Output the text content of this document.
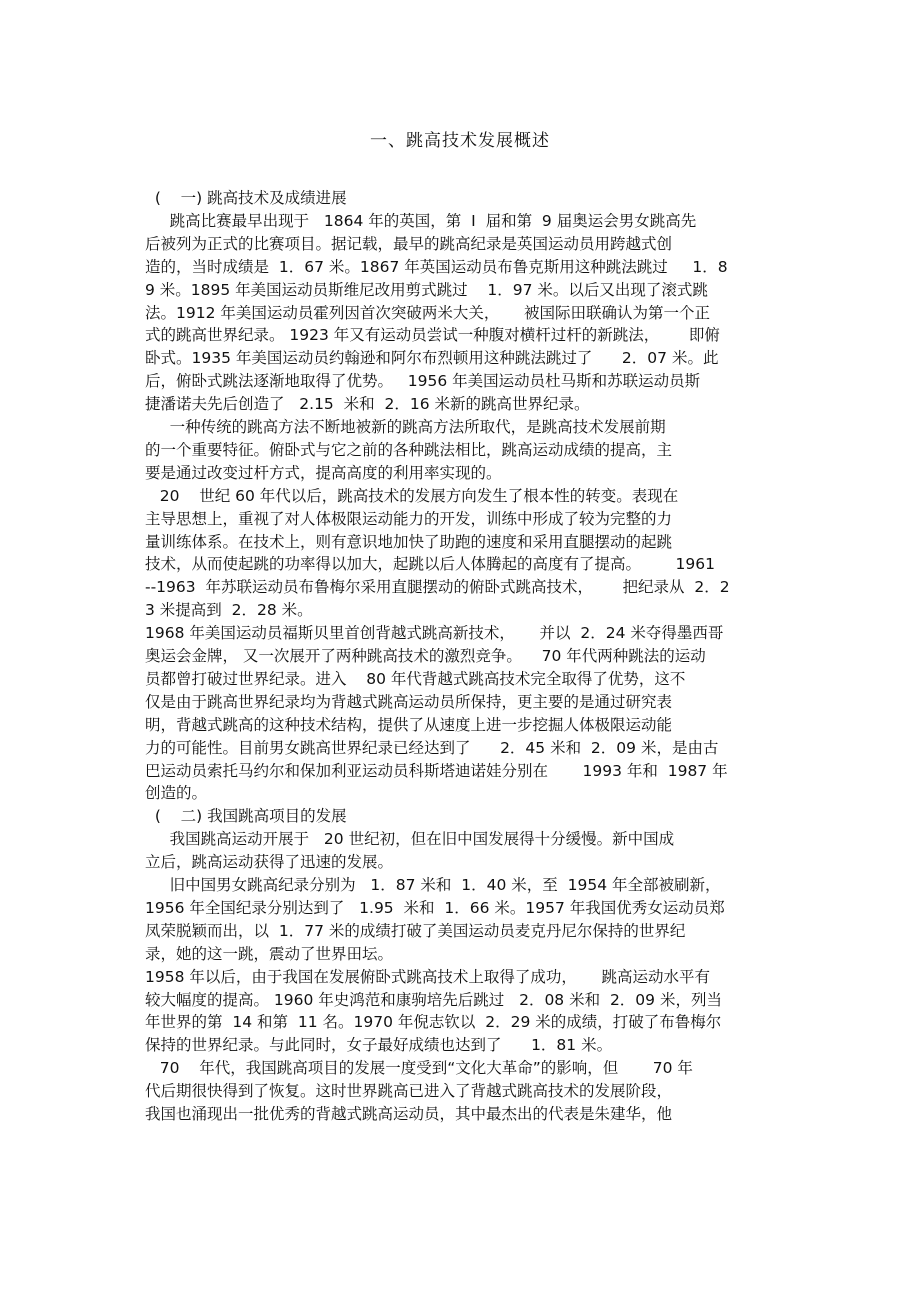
一、跳高技术发展概述
(    一) 跳高技术及成绩进展
跳高比赛最早出现于   1864 年的英国，第  I  届和第  9 届奥运会男女跳高先
后被列为正式的比赛项目。据记载，最早的跳高纪录是英国运动员用跨越式创
造的，当时成绩是  1．67 米。1867 年英国运动员布鲁克斯用这种跳法跳过     1．8
9 米。1895 年美国运动员斯维尼改用剪式跳过    1．97 米。以后又出现了滚式跳
法。1912 年美国运动员霍列因首次突破两米大关，     被国际田联确认为第一个正
式的跳高世界纪录。 1923 年又有运动员尝试一种腹对横杆过杆的新跳法，      即俯
卧式。1935 年美国运动员约翰逊和阿尔布烈顿用这种跳法跳过了      2．07 米。此
后，俯卧式跳法逐渐地取得了优势。   1956 年美国运动员杜马斯和苏联运动员斯
捷潘诺夫先后创造了   2.15  米和  2．16 米新的跳高世界纪录。
一种传统的跳高方法不断地被新的跳高方法所取代，是跳高技术发展前期
的一个重要特征。俯卧式与它之前的各种跳法相比，跳高运动成绩的提高，主
要是通过改变过杆方式，提高高度的利用率实现的。
20    世纪 60 年代以后，跳高技术的发展方向发生了根本性的转变。表现在
主导思想上，重视了对人体极限运动能力的开发，训练中形成了较为完整的力
量训练体系。在技术上，则有意识地加快了助跑的速度和采用直腿摆动的起跳
技术，从而使起跳的功率得以加大，起跳以后人体腾起的高度有了提高。       1961
--1963  年苏联运动员布鲁梅尔采用直腿摆动的俯卧式跳高技术，      把纪录从  2．2
3 米提高到  2．28 米。
1968 年美国运动员福斯贝里首创背越式跳高新技术，     并以  2．24 米夺得墨西哥
奥运会金牌， 又一次展开了两种跳高技术的激烈竞争。    70 年代两种跳法的运动
员都曾打破过世界纪录。进入    80 年代背越式跳高技术完全取得了优势，这不
仅是由于跳高世界纪录均为背越式跳高运动员所保持，更主要的是通过研究表
明，背越式跳高的这种技术结构，提供了从速度上进一步挖掘人体极限运动能
力的可能性。目前男女跳高世界纪录已经达到了      2．45 米和  2．09 米，是由古
巴运动员索托马约尔和保加利亚运动员科斯塔迪诺娃分别在       1993 年和  1987 年
创造的。
(    二) 我国跳高项目的发展
我国跳高运动开展于   20 世纪初，但在旧中国发展得十分缓慢。新中国成
立后，跳高运动获得了迅速的发展。
旧中国男女跳高纪录分别为   1．87 米和  1．40 米，至  1954 年全部被刷新，
1956 年全国纪录分别达到了   1.95  米和  1．66 米。1957 年我国优秀女运动员郑
凤荣脱颖而出，以  1．77 米的成绩打破了美国运动员麦克丹尼尔保持的世界纪
录，她的这一跳，震动了世界田坛。
1958 年以后，由于我国在发展俯卧式跳高技术上取得了成功，     跳高运动水平有
较大幅度的提高。 1960 年史鸿范和康驹培先后跳过   2．08 米和  2．09 米，列当
年世界的第  14 和第  11 名。1970 年倪志钦以  2．29 米的成绩，打破了布鲁梅尔
保持的世界纪录。与此同时，女子最好成绩也达到了      1．81 米。
70    年代，我国跳高项目的发展一度受到“文化大革命”的影响，但       70 年
代后期很快得到了恢复。这时世界跳高已进入了背越式跳高技术的发展阶段，
我国也涌现出一批优秀的背越式跳高运动员，其中最杰出的代表是朱建华，他
